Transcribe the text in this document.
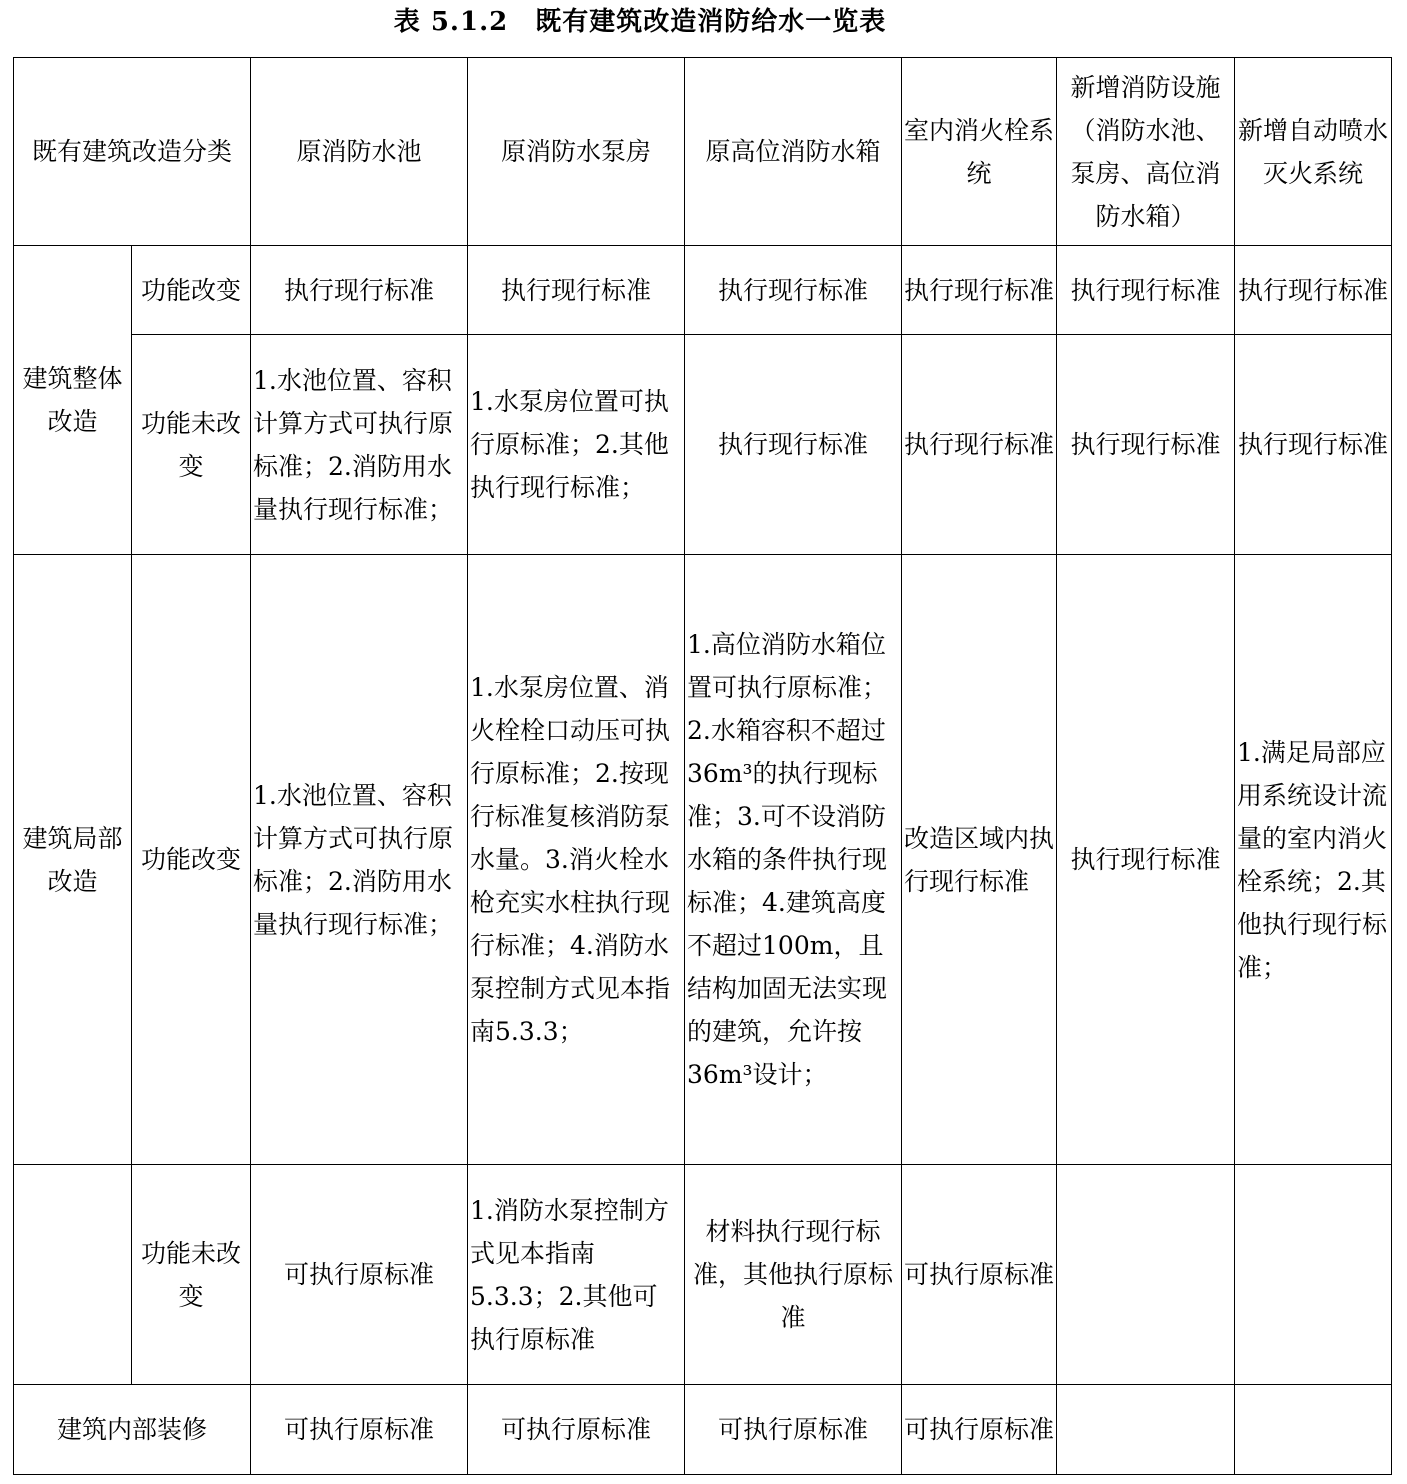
表 5.1.2　既有建筑改造消防给水一览表
既有建筑改造分类		原消防水池	原消防水泵房	原高位消防水箱	室内消火栓系统	新增消防设施（消防水池、泵房、高位消防水箱）	新增自动喷水灭火系统
建筑整体改造	功能改变	执行现行标准	执行现行标准	执行现行标准	执行现行标准	执行现行标准	执行现行标准
	功能未改变	1.水池位置、容积计算方式可执行原标准；2.消防用水量执行现行标准；	1.水泵房位置可执行原标准；2.其他执行现行标准；	执行现行标准	执行现行标准	执行现行标准	执行现行标准
建筑局部改造	功能改变	1.水池位置、容积计算方式可执行原标准；2.消防用水量执行现行标准；	1.水泵房位置、消火栓栓口动压可执行原标准；2.按现行标准复核消防泵水量。3.消火栓水枪充实水柱执行现行标准；4.消防水泵控制方式见本指南5.3.3；	1.高位消防水箱位置可执行原标准；2.水箱容积不超过36m³的执行现标准；3.可不设消防水箱的条件执行现标准；4.建筑高度不超过100m，且结构加固无法实现的建筑，允许按36m³设计；	改造区域内执行现行标准	执行现行标准	1.满足局部应用系统设计流量的室内消火栓系统；2.其他执行现行标准；
	功能未改变	可执行原标准	1.消防水泵控制方式见本指南5.3.3；2.其他可执行原标准	材料执行现行标准，其他执行原标准	可执行原标准		
建筑内部装修		可执行原标准	可执行原标准	可执行原标准	可执行原标准		
